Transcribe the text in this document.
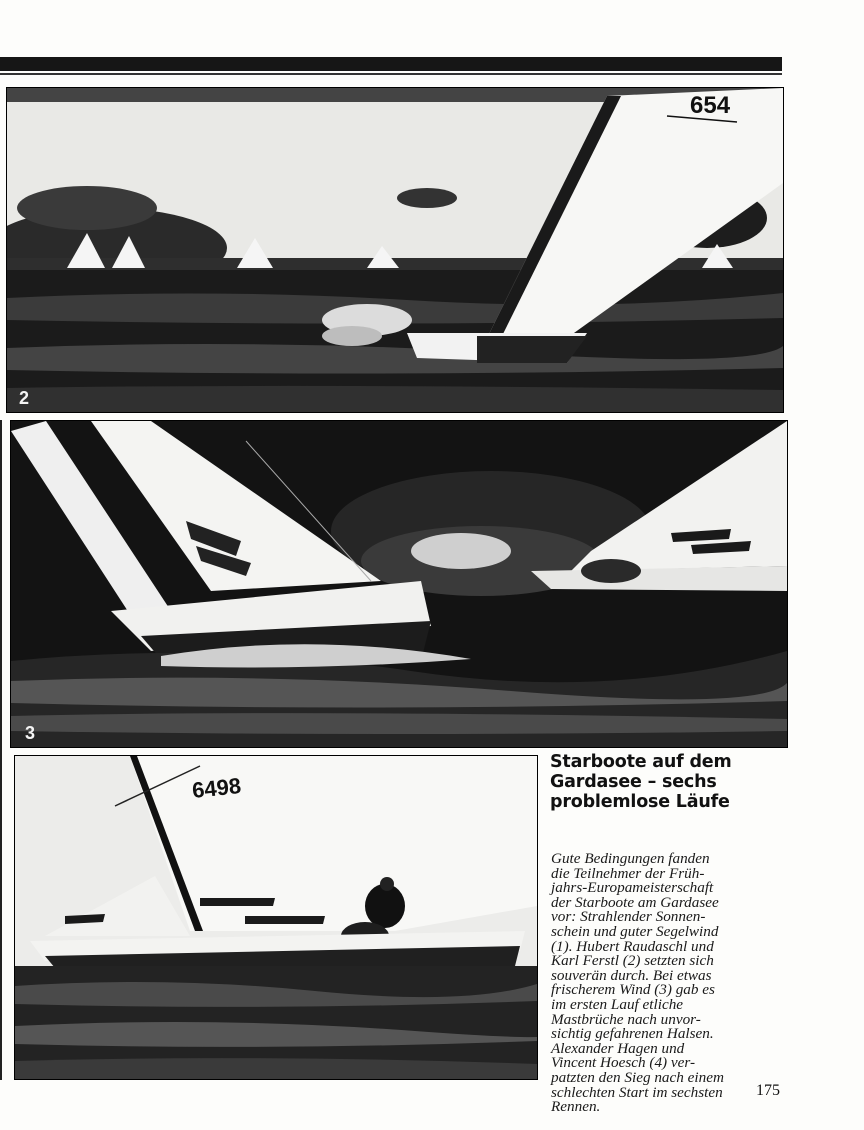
654
2
3
6498
Starboote auf dem
Gardasee – sechs
problemlose Läufe
Gute Bedingungen fanden
die Teilnehmer der Früh-
jahrs-Europameisterschaft
der Starboote am Gardasee
vor: Strahlender Sonnen-
schein und guter Segelwind
(1). Hubert Raudaschl und
Karl Ferstl (2) setzten sich
souverän durch. Bei etwas
frischerem Wind (3) gab es
im ersten Lauf etliche
Mastbrüche nach unvor-
sichtig gefahrenen Halsen.
Alexander Hagen und
Vincent Hoesch (4) ver-
patzten den Sieg nach einem
schlechten Start im sechsten
Rennen.
175
